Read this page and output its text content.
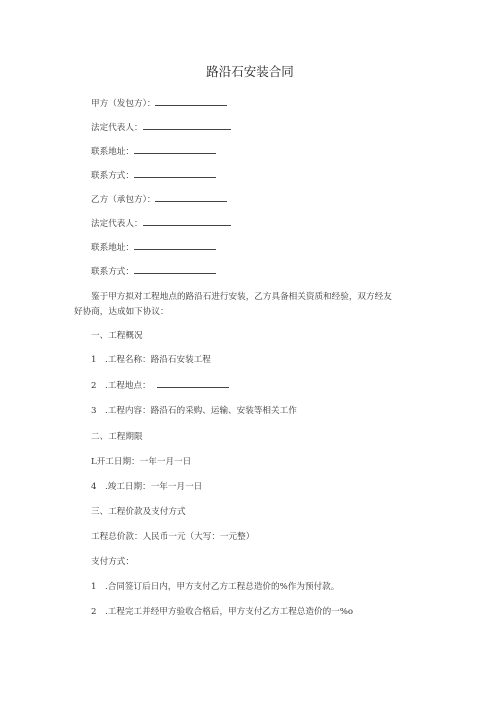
路沿石安装合同
甲方（发包方）：
法定代表人：
联系地址：
联系方式：
乙方（承包方）：
法定代表人：
联系地址：
联系方式：
鉴于甲方拟对工程地点的路沿石进行安装，乙方具备相关资质和经验，双方经友
好协商，达成如下协议：
一、工程概况
1 .工程名称：路沿石安装工程
2 .工程地点：
3 .工程内容：路沿石的采购、运输、安装等相关工作
二、工程期限
L开工日期：一年一月一日
4 .竣工日期：一年一月一日
三、工程价款及支付方式
工程总价款：人民币一元（大写：一元整）
支付方式：
1 .合同签订后日内，甲方支付乙方工程总造价的%作为预付款。
2 .工程完工并经甲方验收合格后，甲方支付乙方工程总造价的一%o
